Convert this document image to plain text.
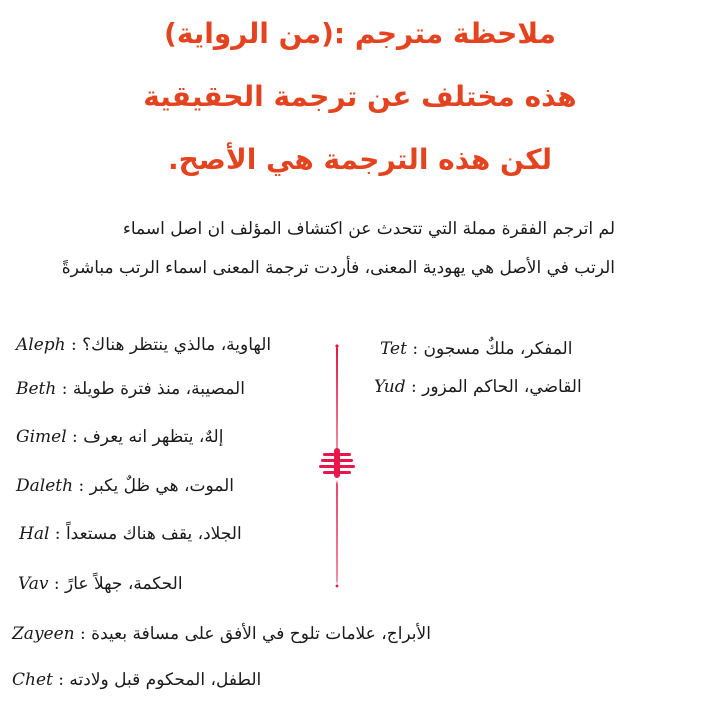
ملاحظة مترجم :(من الرواية)
هذه مختلف عن ترجمة الحقيقية
لكن هذه الترجمة هي الأصح.
لم اترجم الفقرة مملة التي تتحدث عن اكتشاف المؤلف ان اصل اسماء
الرتب في الأصل هي يهودية المعنى، فأردت ترجمة المعنى اسماء الرتب مباشرةً
الهاوية، مالذي ينتظر هناك؟ : Aleph
المصيبة، منذ فترة طويلة : Beth
إلهٌ، يتظهر انه يعرف : Gimel
الموت، هي ظلٌ يكبر : Daleth
الجلاد، يقف هناك مستعداً : Hal
الحكمة، جهلاً عارً : Vav
الأبراج، علامات تلوح في الأفق على مسافة بعيدة : Zayeen
الطفل، المحكوم قبل ولادته : Chet
المفكر، ملكٌ مسجون : Tet
القاضي، الحاكم المزور : Yud
